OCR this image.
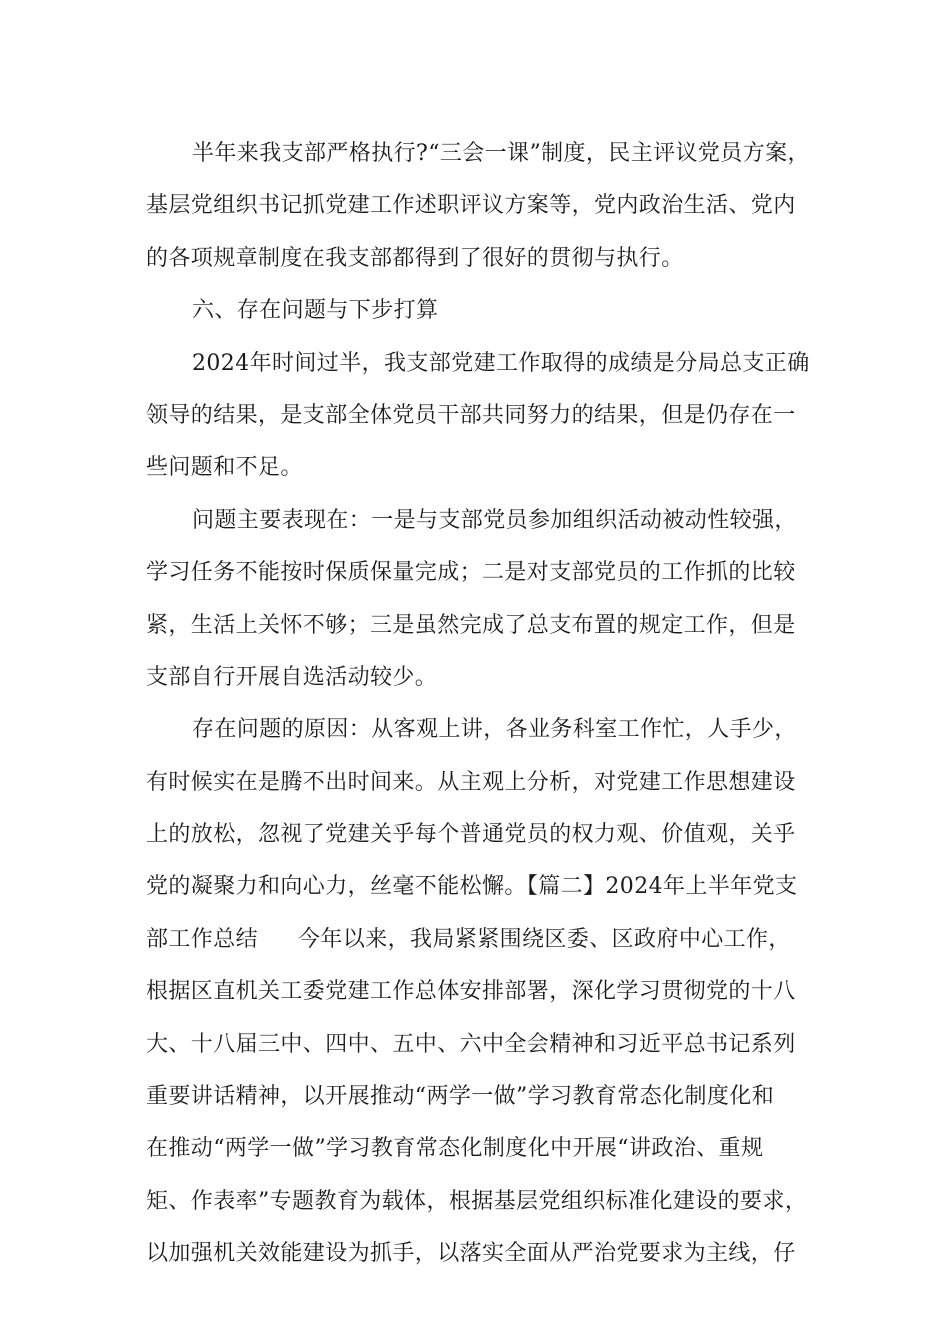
半年来我支部严格执行?“三会一课”制度，民主评议党员方案，
基层党组织书记抓党建工作述职评议方案等，党内政治生活、党内
的各项规章制度在我支部都得到了很好的贯彻与执行。
六、存在问题与下步打算
2024年时间过半，我支部党建工作取得的成绩是分局总支正确
领导的结果，是支部全体党员干部共同努力的结果，但是仍存在一
些问题和不足。
问题主要表现在：一是与支部党员参加组织活动被动性较强，
学习任务不能按时保质保量完成；二是对支部党员的工作抓的比较
紧，生活上关怀不够；三是虽然完成了总支布置的规定工作，但是
支部自行开展自选活动较少。
存在问题的原因：从客观上讲，各业务科室工作忙，人手少，
有时候实在是腾不出时间来。从主观上分析，对党建工作思想建设
上的放松，忽视了党建关乎每个普通党员的权力观、价值观，关乎
党的凝聚力和向心力，丝毫不能松懈。【篇二】2024年上半年党支
部工作总结 今年以来，我局紧紧围绕区委、区政府中心工作，
根据区直机关工委党建工作总体安排部署，深化学习贯彻党的十八
大、十八届三中、四中、五中、六中全会精神和习近平总书记系列
重要讲话精神，以开展推动“两学一做”学习教育常态化制度化和
在推动“两学一做”学习教育常态化制度化中开展“讲政治、重规
矩、作表率”专题教育为载体，根据基层党组织标准化建设的要求，
以加强机关效能建设为抓手，以落实全面从严治党要求为主线，仔
